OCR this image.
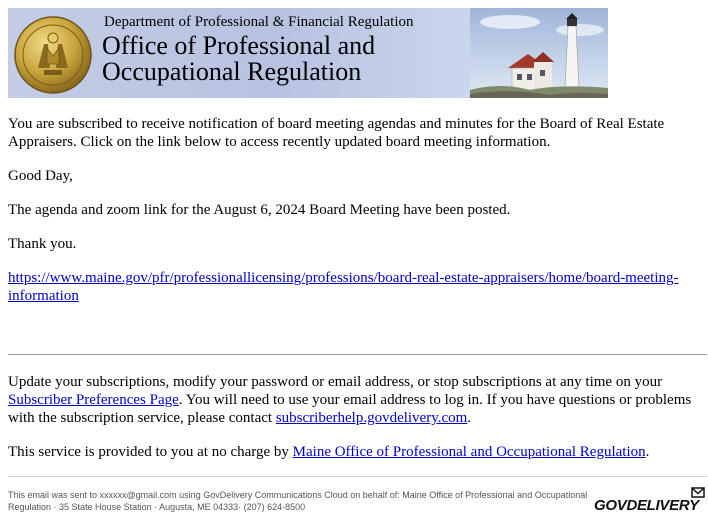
Department of Professional & Financial Regulation
Office of Professional and
Occupational Regulation

You are subscribed to receive notification of board meeting agendas and minutes for the Board of Real Estate Appraisers. Click on the link below to access recently updated board meeting information.

Good Day,

The agenda and zoom link for the August 6, 2024 Board Meeting have been posted.

Thank you.

https://www.maine.gov/pfr/professionallicensing/professions/board-real-estate-appraisers/home/board-meeting-information

Update your subscriptions, modify your password or email address, or stop subscriptions at any time on your Subscriber Preferences Page. You will need to use your email address to log in. If you have questions or problems with the subscription service, please contact subscriberhelp.govdelivery.com.

This service is provided to you at no charge by Maine Office of Professional and Occupational Regulation.

This email was sent to xxxxxx@gmail.com using GovDelivery Communications Cloud on behalf of: Maine Office of Professional and Occupational Regulation · 35 State House Station · Augusta, ME 04333· (207) 624-8500	GOVDELIVERY
